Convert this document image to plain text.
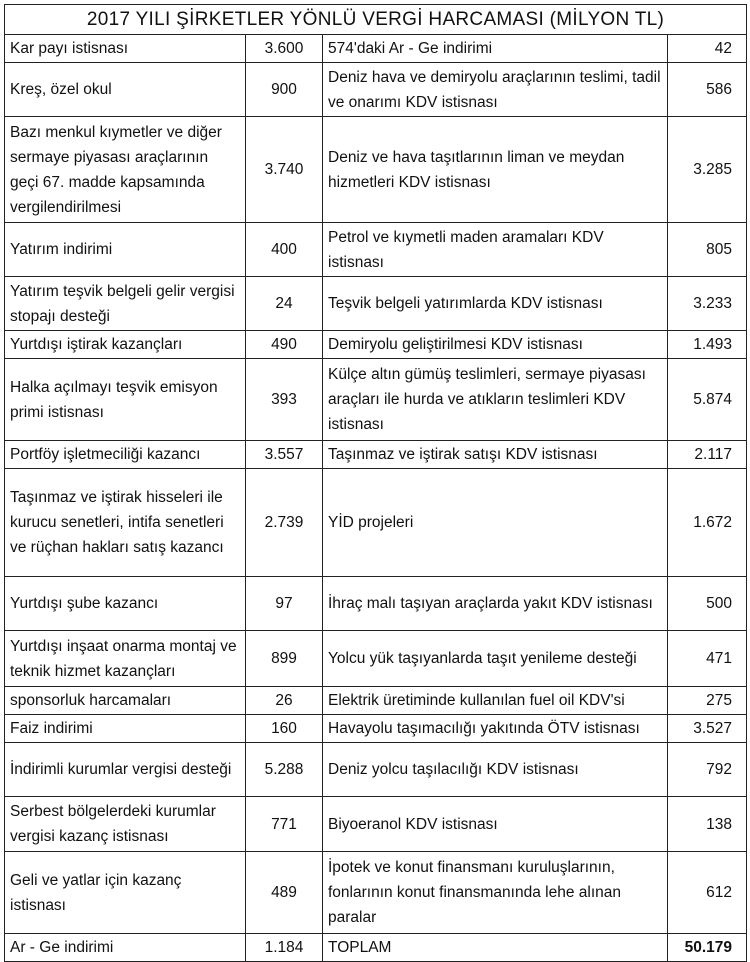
2017 YILI ŞİRKETLER YÖNLÜ VERGİ HARCAMASI (MİLYON TL)			
Kar payı istisnası	3.600	574'daki Ar - Ge indirimi	42
Kreş, özel okul	900	Deniz hava ve demiryolu araçlarının teslimi, tadil ve onarımı KDV istisnası	586
Bazı menkul kıymetler ve diğer sermaye piyasası araçlarının geçi 67. madde kapsamında vergilendirilmesi	3.740	Deniz ve hava taşıtlarının liman ve meydan hizmetleri KDV istisnası	3.285
Yatırım indirimi	400	Petrol ve kıymetli maden aramaları KDV istisnası	805
Yatırım teşvik belgeli gelir vergisi stopajı desteği	24	Teşvik belgeli yatırımlarda KDV istisnası	3.233
Yurtdışı iştirak kazançları	490	Demiryolu geliştirilmesi KDV istisnası	1.493
Halka açılmayı teşvik emisyon primi istisnası	393	Külçe altın gümüş teslimleri, sermaye piyasası araçları ile hurda ve atıkların teslimleri KDV istisnası	5.874
Portföy işletmeciliği kazancı	3.557	Taşınmaz ve iştirak satışı KDV istisnası	2.117
Taşınmaz ve iştirak hisseleri ile kurucu senetleri, intifa senetleri ve rüçhan hakları satış kazancı	2.739	YİD projeleri	1.672
Yurtdışı şube kazancı	97	İhraç malı taşıyan araçlarda yakıt KDV istisnası	500
Yurtdışı inşaat onarma montaj ve teknik hizmet kazançları	899	Yolcu yük taşıyanlarda taşıt yenileme desteği	471
sponsorluk harcamaları	26	Elektrik üretiminde kullanılan fuel oil KDV'si	275
Faiz indirimi	160	Havayolu taşımacılığı yakıtında ÖTV istisnası	3.527
İndirimli kurumlar vergisi desteği	5.288	Deniz yolcu taşılacılığı KDV istisnası	792
Serbest bölgelerdeki kurumlar vergisi kazanç istisnası	771	Biyoeranol KDV istisnası	138
Geli ve yatlar için kazanç istisnası	489	İpotek ve konut finansmanı kuruluşlarının, fonlarının konut finansmanında lehe alınan paralar	612
Ar - Ge indirimi	1.184	TOPLAM	50.179
